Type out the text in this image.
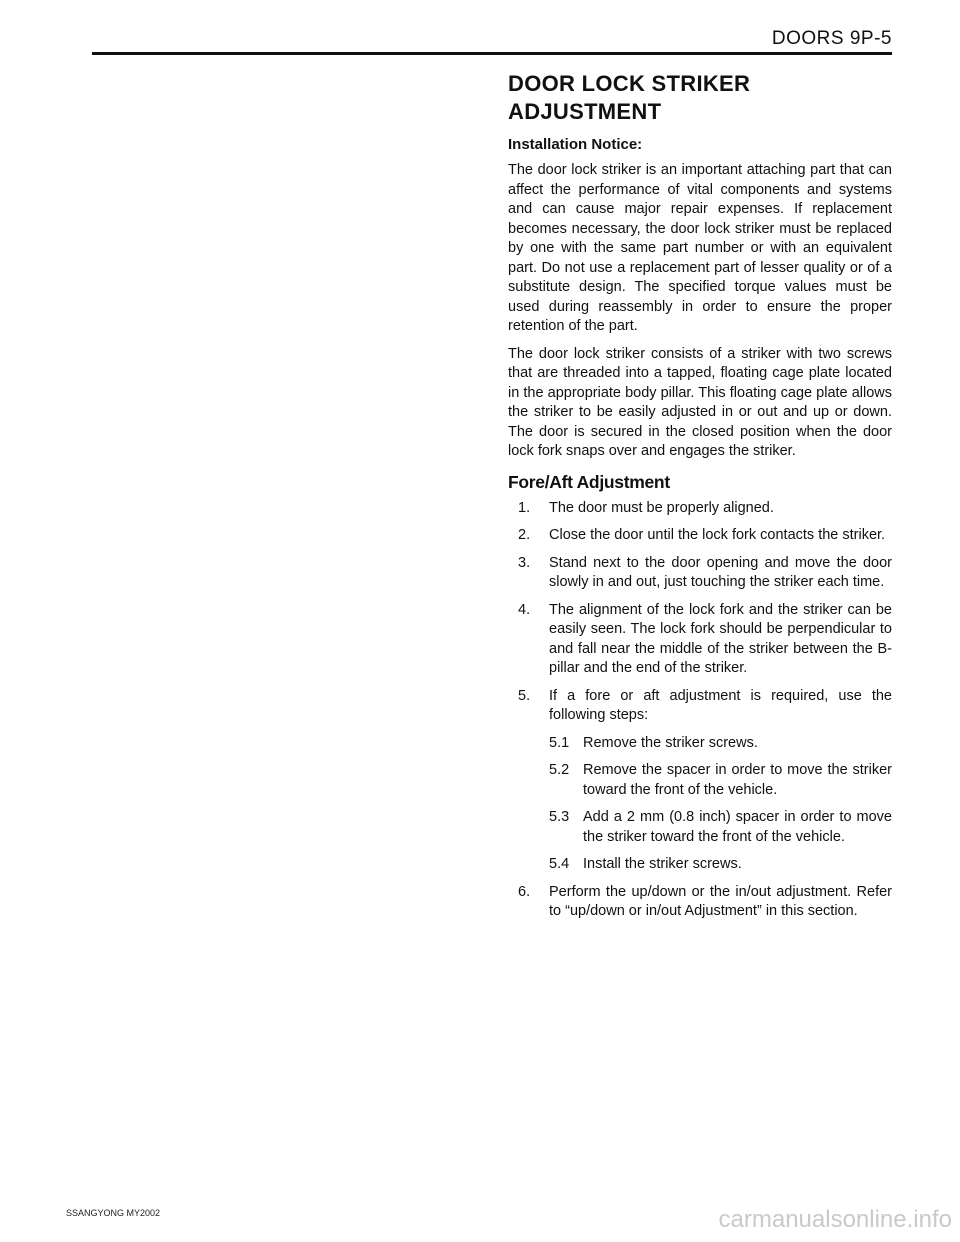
DOORS 9P-5
DOOR LOCK STRIKER
ADJUSTMENT
Installation Notice:

The door lock striker is an important attaching part that can affect the performance of vital components and systems and can cause major repair expenses. If replacement becomes necessary, the door lock striker must be replaced by one with the same part number or with an equivalent part. Do not use a replacement part of lesser quality or of a substitute design. The specified torque values must be used during reassembly in order to ensure the proper retention of the part.

The door lock striker consists of a striker with two screws that are threaded into a tapped, floating cage plate located in the appropriate body pillar. This floating cage plate allows the striker to be easily adjusted in or out and up or down. The door is secured in the closed position when the door lock fork snaps over and engages the striker.

Fore/Aft Adjustment
1. The door must be properly aligned.
2. Close the door until the lock fork contacts the striker.
3. Stand next to the door opening and move the door slowly in and out, just touching the striker each time.
4. The alignment of the lock fork and the striker can be easily seen. The lock fork should be perpendicular to and fall near the middle of the striker between the B-pillar and the end of the striker.
5. If a fore or aft adjustment is required, use the following steps:
5.1 Remove the striker screws.
5.2 Remove the spacer in order to move the striker toward the front of the vehicle.
5.3 Add a 2 mm (0.8 inch) spacer in order to move the striker toward the front of the vehicle.
5.4 Install the striker screws.
6. Perform the up/down or the in/out adjustment. Refer to “up/down or in/out Adjustment” in this section.
SSANGYONG MY2002	carmanualsonline.info
